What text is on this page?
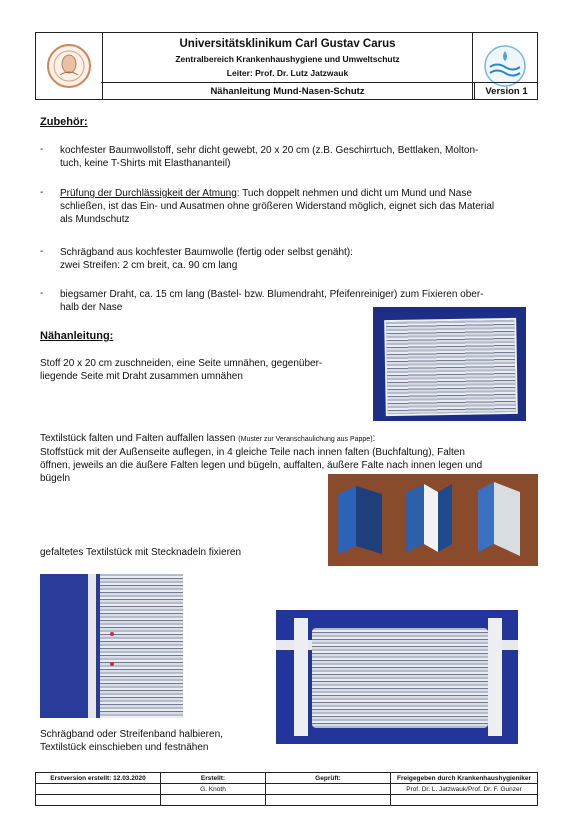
Universitätsklinikum Carl Gustav Carus
Zentralbereich Krankenhaushygiene und Umweltschutz
Leiter: Prof. Dr. Lutz Jatzwauk
Nähanleitung Mund-Nasen-Schutz	Version 1
Zubehör:
- kochfester Baumwollstoff, sehr dicht gewebt, 20 x 20 cm (z.B. Geschirrtuch, Bettlaken, Molton-
tuch, keine T-Shirts mit Elasthananteil)
- Prüfung der Durchlässigkeit der Atmung: Tuch doppelt nehmen und dicht um Mund und Nase
schließen, ist das Ein- und Ausatmen ohne größeren Widerstand möglich, eignet sich das Material
als Mundschutz
- Schrägband aus kochfester Baumwolle (fertig oder selbst genäht):
zwei Streifen: 2 cm breit, ca. 90 cm lang
- biegsamer Draht, ca. 15 cm lang (Bastel- bzw. Blumendraht, Pfeifenreiniger) zum Fixieren ober-
halb der Nase
Nähanleitung:
Stoff 20 x 20 cm zuschneiden, eine Seite umnähen, gegenüber-
liegende Seite mit Draht zusammen umnähen
Textilstück falten und Falten auffallen lassen (Muster zur Veranschaulichung aus Pappe):
Stoffstück mit der Außenseite auflegen, in 4 gleiche Teile nach innen falten (Buchfaltung), Falten
öffnen, jeweils an die äußere Falten legen und bügeln, auffalten, äußere Falte nach innen legen und
bügeln
gefaltetes Textilstück mit Stecknadeln fixieren
Schrägband oder Streifenband halbieren,
Textilstück einschieben und festnähen
Erstversion erstellt: 12.03.2020	Erstellt:	Geprüft:	Freigegeben durch Krankenhaushygieniker
	G. Knoth		Prof. Dr. L. Jatzwauk/Prof. Dr. F. Gunzer
